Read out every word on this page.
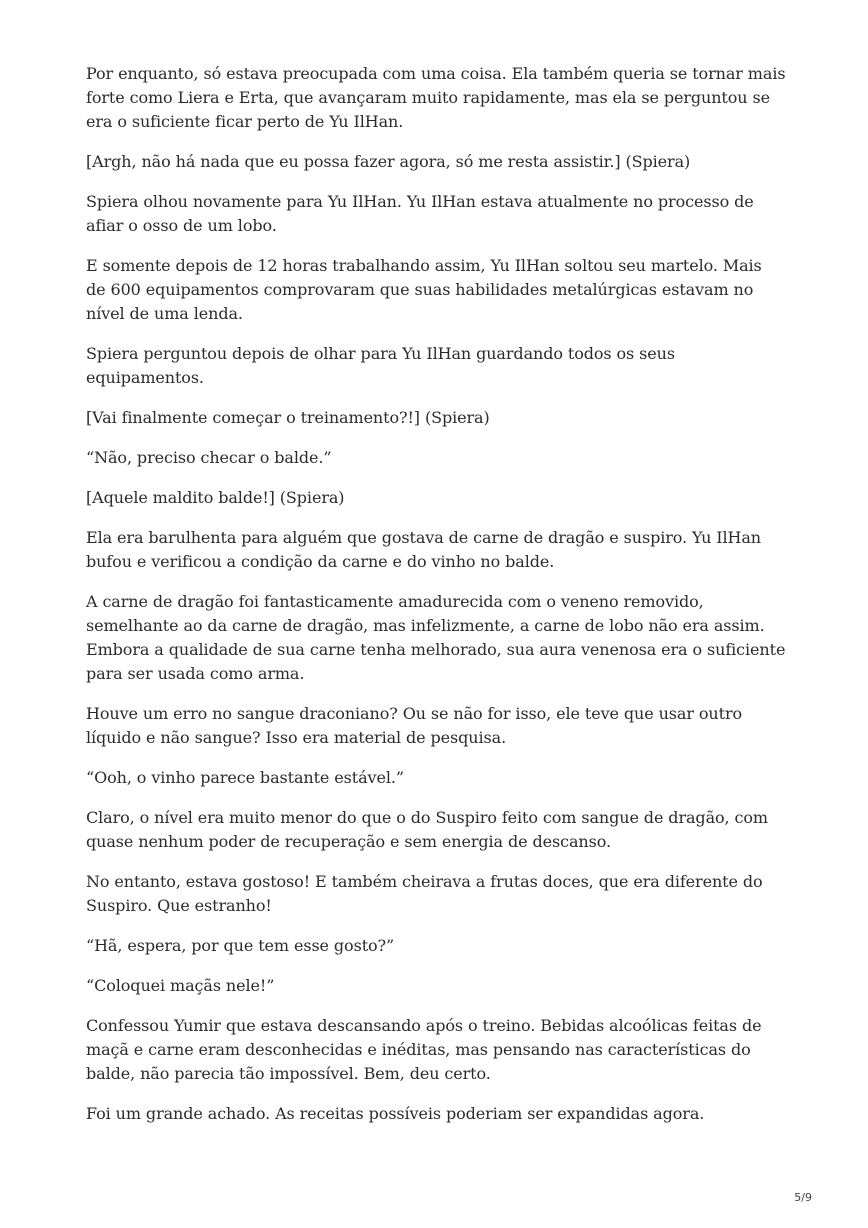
Por enquanto, só estava preocupada com uma coisa. Ela também queria se tornar mais forte como Liera e Erta, que avançaram muito rapidamente, mas ela se perguntou se era o suficiente ficar perto de Yu IlHan.

[Argh, não há nada que eu possa fazer agora, só me resta assistir.] (Spiera)

Spiera olhou novamente para Yu IlHan. Yu IlHan estava atualmente no processo de afiar o osso de um lobo.

E somente depois de 12 horas trabalhando assim, Yu IlHan soltou seu martelo. Mais de 600 equipamentos comprovaram que suas habilidades metalúrgicas estavam no nível de uma lenda.

Spiera perguntou depois de olhar para Yu IlHan guardando todos os seus equipamentos.

[Vai finalmente começar o treinamento?!] (Spiera)

“Não, preciso checar o balde.”

[Aquele maldito balde!] (Spiera)

Ela era barulhenta para alguém que gostava de carne de dragão e suspiro. Yu IlHan bufou e verificou a condição da carne e do vinho no balde.

A carne de dragão foi fantasticamente amadurecida com o veneno removido, semelhante ao da carne de dragão, mas infelizmente, a carne de lobo não era assim. Embora a qualidade de sua carne tenha melhorado, sua aura venenosa era o suficiente para ser usada como arma.

Houve um erro no sangue draconiano? Ou se não for isso, ele teve que usar outro líquido e não sangue? Isso era material de pesquisa.

“Ooh, o vinho parece bastante estável.”

Claro, o nível era muito menor do que o do Suspiro feito com sangue de dragão, com quase nenhum poder de recuperação e sem energia de descanso.

No entanto, estava gostoso! E também cheirava a frutas doces, que era diferente do Suspiro. Que estranho!

“Hã, espera, por que tem esse gosto?”

“Coloquei maçãs nele!”

Confessou Yumir que estava descansando após o treino. Bebidas alcoólicas feitas de maçã e carne eram desconhecidas e inéditas, mas pensando nas características do balde, não parecia tão impossível. Bem, deu certo.

Foi um grande achado. As receitas possíveis poderiam ser expandidas agora.

5/9
